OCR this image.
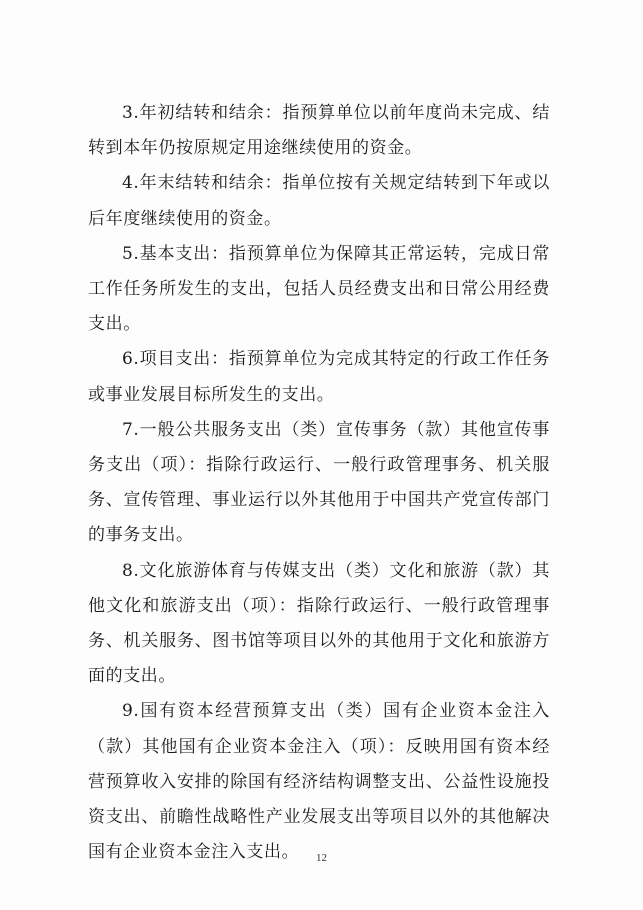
3.年初结转和结余：指预算单位以前年度尚未完成、结转到本年仍按原规定用途继续使用的资金。

4.年末结转和结余：指单位按有关规定结转到下年或以后年度继续使用的资金。

5.基本支出：指预算单位为保障其正常运转，完成日常工作任务所发生的支出，包括人员经费支出和日常公用经费支出。

6.项目支出：指预算单位为完成其特定的行政工作任务或事业发展目标所发生的支出。

7.一般公共服务支出（类）宣传事务（款）其他宣传事务支出（项）：指除行政运行、一般行政管理事务、机关服务、宣传管理、事业运行以外其他用于中国共产党宣传部门的事务支出。

8.文化旅游体育与传媒支出（类）文化和旅游（款）其他文化和旅游支出（项）：指除行政运行、一般行政管理事务、机关服务、图书馆等项目以外的其他用于文化和旅游方面的支出。

9.国有资本经营预算支出（类）国有企业资本金注入（款）其他国有企业资本金注入（项）：反映用国有资本经营预算收入安排的除国有经济结构调整支出、公益性设施投资支出、前瞻性战略性产业发展支出等项目以外的其他解决国有企业资本金注入支出。	12
